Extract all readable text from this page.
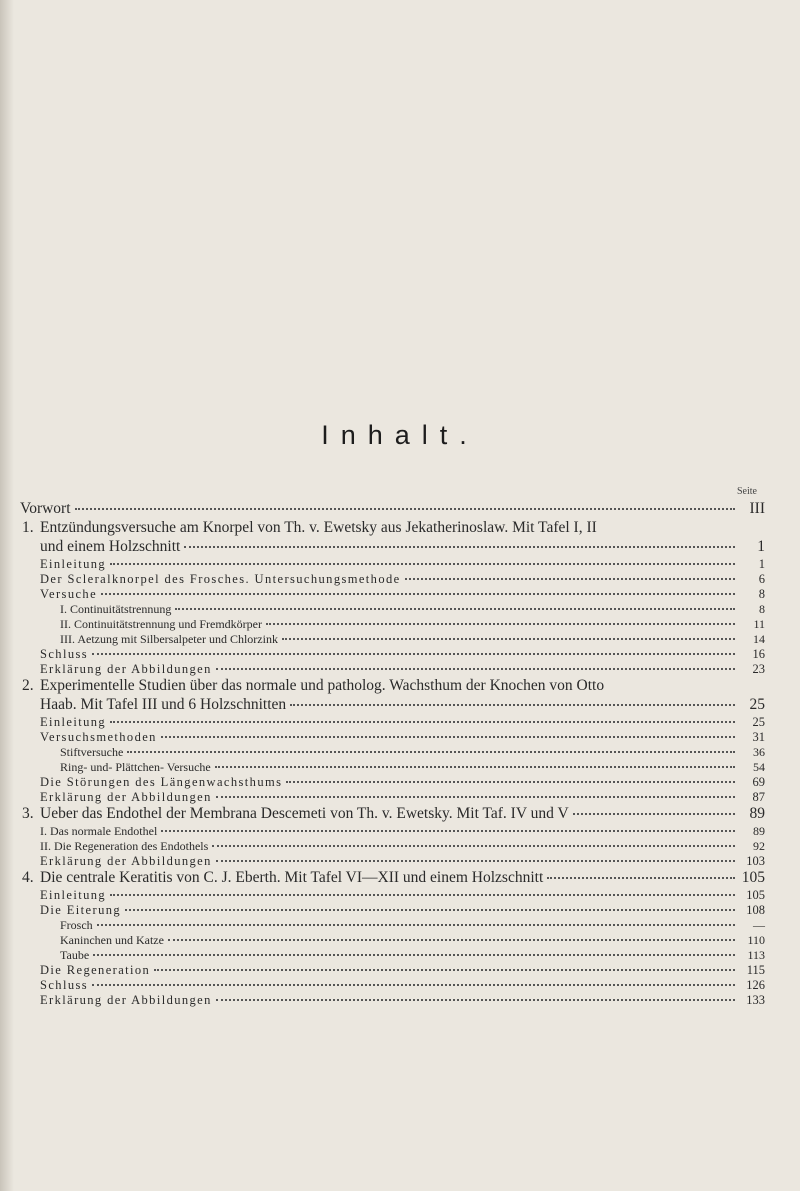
Inhalt.
Seite
Vorwort	III
1. Entzündungsversuche am Knorpel von Th. v. Ewetsky aus Jekatherinoslaw. Mit Tafel I, II
und einem Holzschnitt	1
Einleitung	1
Der Scleralknorpel des Frosches. Untersuchungsmethode	6
Versuche	8
I. Continuitätstrennung	8
II. Continuitätstrennung und Fremdkörper	11
III. Aetzung mit Silbersalpeter und Chlorzink	14
Schluss	16
Erklärung der Abbildungen	23
2. Experimentelle Studien über das normale und patholog. Wachsthum der Knochen von Otto
Haab. Mit Tafel III und 6 Holzschnitten	25
Einleitung	25
Versuchsmethoden	31
Stiftversuche	36
Ring- und- Plättchen- Versuche	54
Die Störungen des Längenwachsthums	69
Erklärung der Abbildungen	87
3. Ueber das Endothel der Membrana Descemeti von Th. v. Ewetsky. Mit Taf. IV und V	89
I. Das normale Endothel	89
II. Die Regeneration des Endothels	92
Erklärung der Abbildungen	103
4. Die centrale Keratitis von C. J. Eberth. Mit Tafel VI—XII und einem Holzschnitt	105
Einleitung	105
Die Eiterung	108
Frosch	—
Kaninchen und Katze	110
Taube	113
Die Regeneration	115
Schluss	126
Erklärung der Abbildungen	133
